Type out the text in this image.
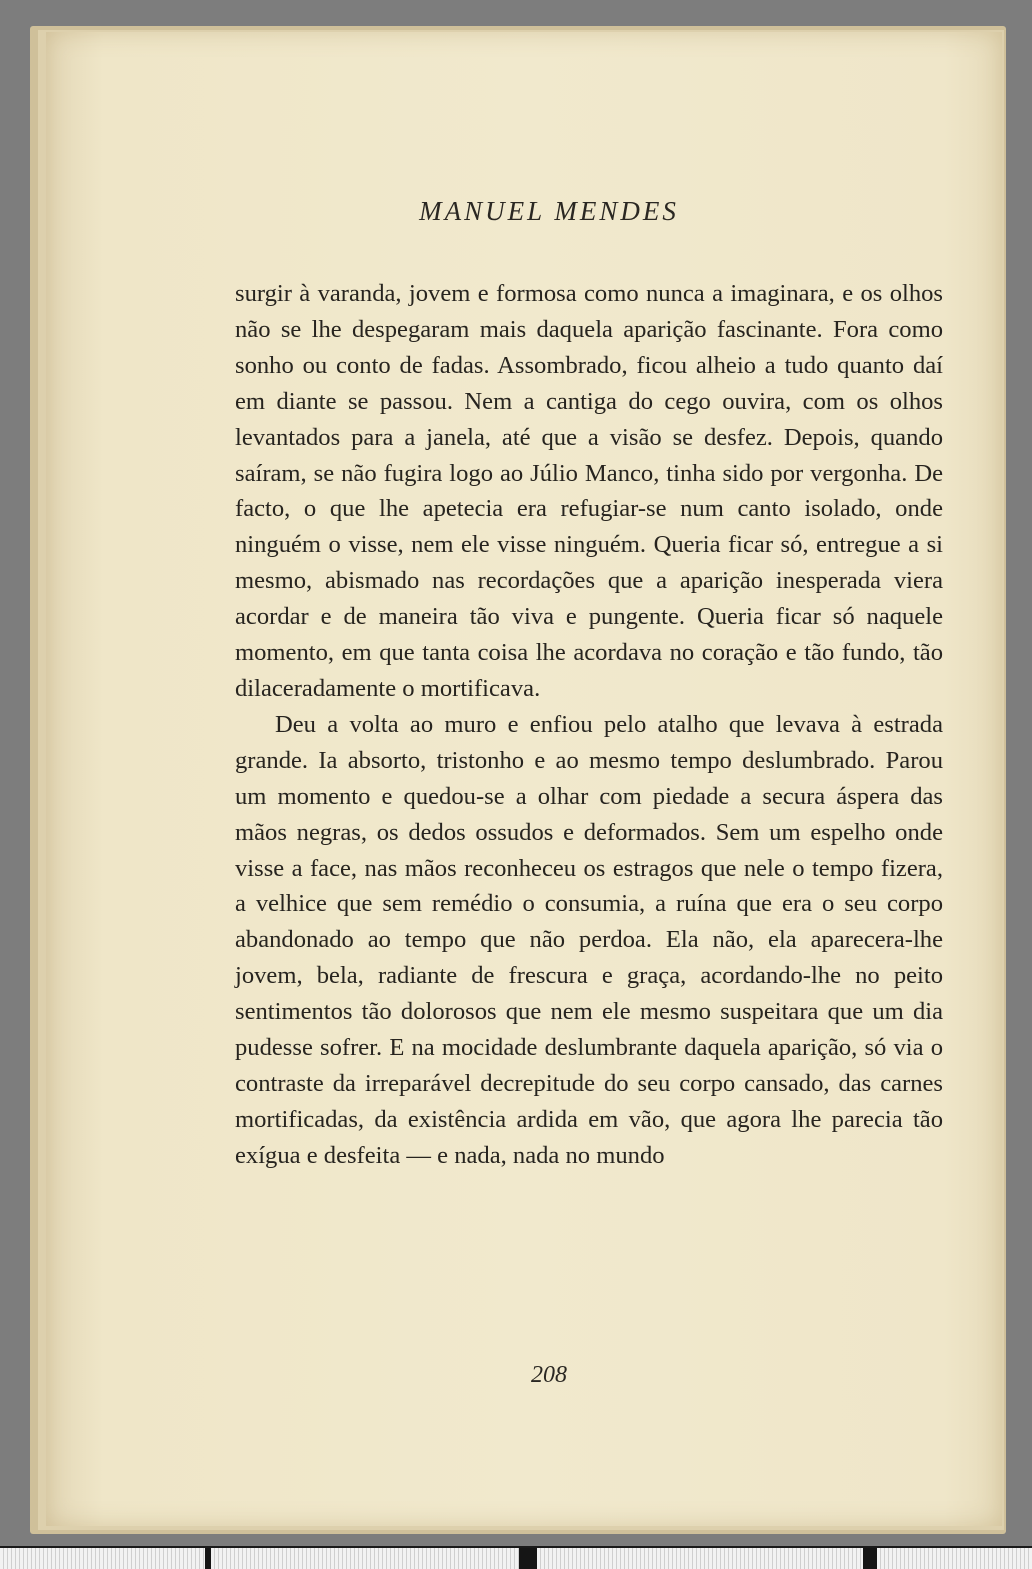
MANUEL MENDES

surgir à varanda, jovem e formosa como nunca a imaginara, e os olhos não se lhe despegaram mais daquela aparição fascinante. Fora como sonho ou conto de fadas. Assombrado, ficou alheio a tudo quanto daí em diante se passou. Nem a cantiga do cego ouvira, com os olhos levantados para a janela, até que a visão se desfez. Depois, quando saíram, se não fugira logo ao Júlio Manco, tinha sido por vergonha. De facto, o que lhe apetecia era refugiar-se num canto isolado, onde ninguém o visse, nem ele visse ninguém. Queria ficar só, entregue a si mesmo, abismado nas recordações que a aparição inesperada viera acordar e de maneira tão viva e pungente. Queria ficar só naquele momento, em que tanta coisa lhe acordava no coração e tão fundo, tão dilaceradamente o mortificava.

Deu a volta ao muro e enfiou pelo atalho que levava à estrada grande. Ia absorto, tristonho e ao mesmo tempo deslumbrado. Parou um momento e quedou-se a olhar com piedade a secura áspera das mãos negras, os dedos ossudos e deformados. Sem um espelho onde visse a face, nas mãos reconheceu os estragos que nele o tempo fizera, a velhice que sem remédio o consumia, a ruína que era o seu corpo abandonado ao tempo que não perdoa. Ela não, ela aparecera-lhe jovem, bela, radiante de frescura e graça, acordando-lhe no peito sentimentos tão dolorosos que nem ele mesmo suspeitara que um dia pudesse sofrer. E na mocidade deslumbrante daquela aparição, só via o contraste da irreparável decrepitude do seu corpo cansado, das carnes mortificadas, da existência ardida em vão, que agora lhe parecia tão exígua e desfeita — e nada, nada no mundo

208
